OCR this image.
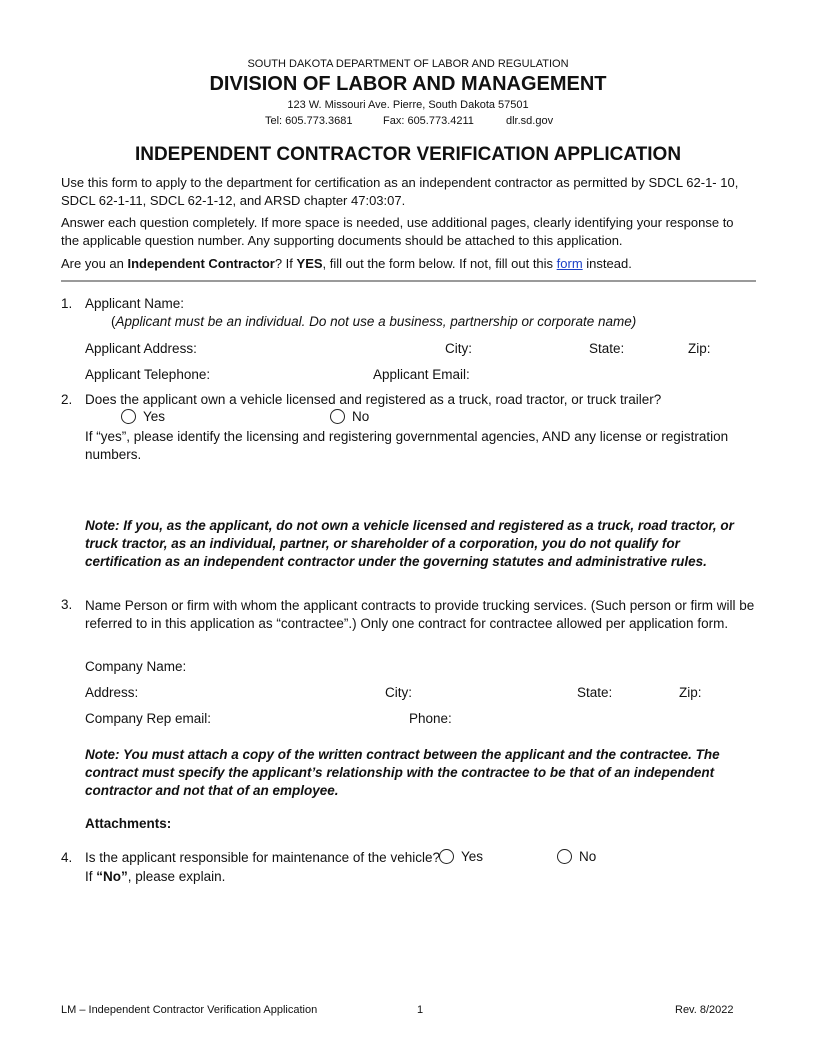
SOUTH DAKOTA DEPARTMENT OF LABOR AND REGULATION
DIVISION OF LABOR AND MANAGEMENT
123 W. Missouri Ave. Pierre, South Dakota 57501
Tel: 605.773.3681	Fax: 605.773.4211	dlr.sd.gov
INDEPENDENT CONTRACTOR VERIFICATION APPLICATION
Use this form to apply to the department for certification as an independent contractor as permitted by SDCL 62-1- 10, SDCL 62-1-11, SDCL 62-1-12, and ARSD chapter 47:03:07.
Answer each question completely. If more space is needed, use additional pages, clearly identifying your response to the applicable question number. Any supporting documents should be attached to this application.
Are you an Independent Contractor? If YES, fill out the form below. If not, fill out this form instead.
1. Applicant Name:
(Applicant must be an individual. Do not use a business, partnership or corporate name)
Applicant Address:	City:	State:	Zip:
Applicant Telephone:	Applicant Email:
2. Does the applicant own a vehicle licensed and registered as a truck, road tractor, or truck trailer?
Yes	No
If “yes”, please identify the licensing and registering governmental agencies, AND any license or registration numbers.
Note: If you, as the applicant, do not own a vehicle licensed and registered as a truck, road tractor, or truck tractor, as an individual, partner, or shareholder of a corporation, you do not qualify for certification as an independent contractor under the governing statutes and administrative rules.
3. Name Person or firm with whom the applicant contracts to provide trucking services. (Such person or firm will be referred to in this application as “contractee”.) Only one contract for contractee allowed per application form.
Company Name:
Address:	City:	State:	Zip:
Company Rep email:	Phone:
Note: You must attach a copy of the written contract between the applicant and the contractee. The contract must specify the applicant’s relationship with the contractee to be that of an independent contractor and not that of an employee.
Attachments:
4. Is the applicant responsible for maintenance of the vehicle? Yes	No
If “No”, please explain.
LM – Independent Contractor Verification Application	1	Rev. 8/2022
